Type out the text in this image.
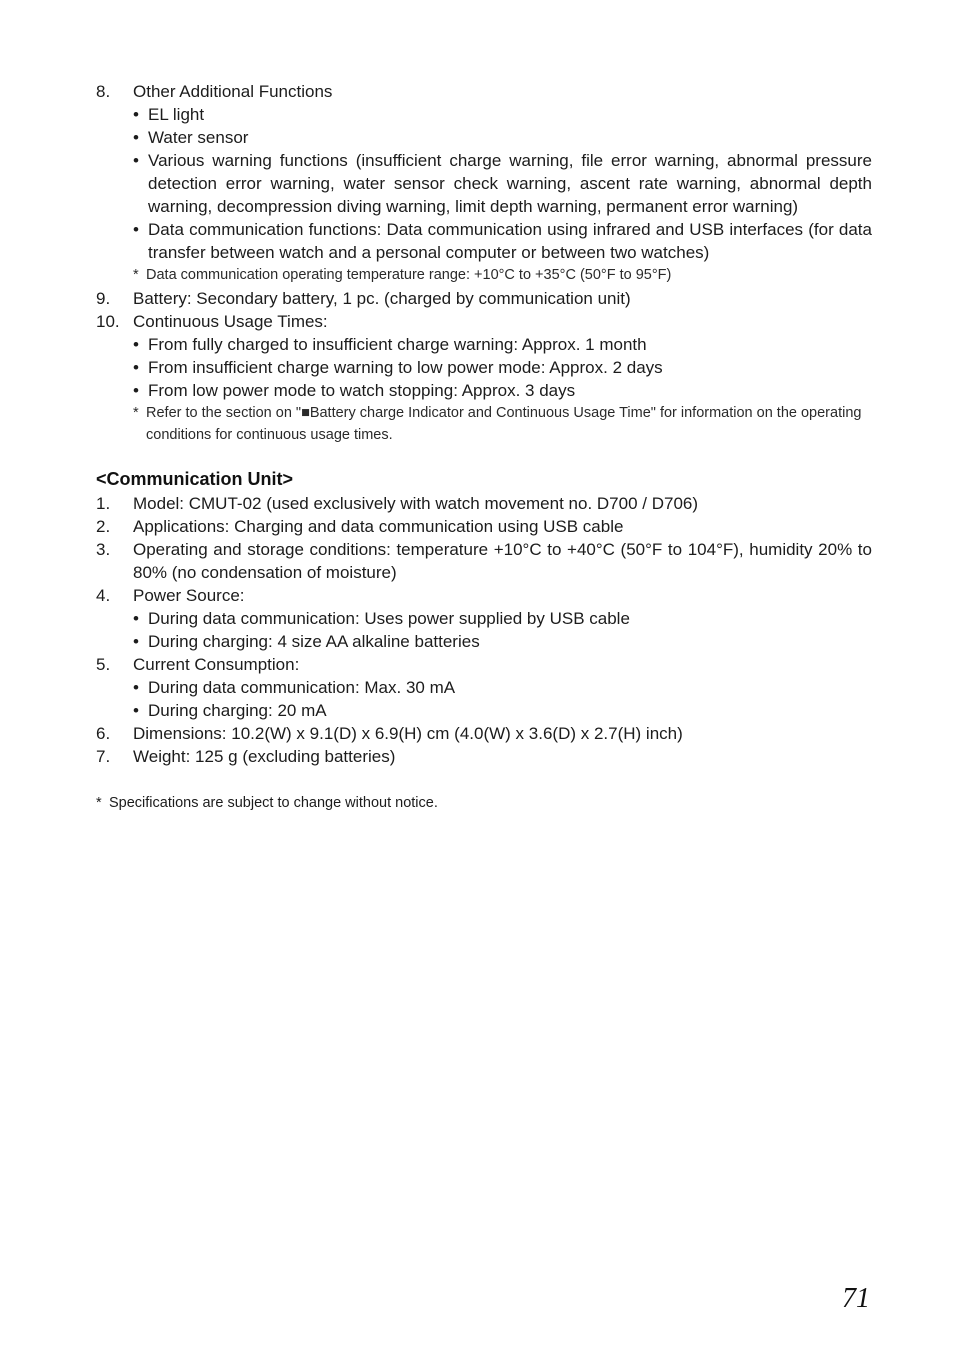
8.	Other Additional Functions
• EL light
• Water sensor
• Various warning functions (insufficient charge warning, file error warning, abnormal pressure detection error warning, water sensor check warning, ascent rate warning, abnormal depth warning, decompression diving warning, limit depth warning, permanent error warning)
• Data communication functions: Data communication using infrared and USB interfaces (for data transfer between watch and a personal computer or between two watches)
* Data communication operating temperature range: +10°C to +35°C (50°F to 95°F)
9.	Battery: Secondary battery, 1 pc. (charged by communication unit)
10. Continuous Usage Times:
• From fully charged to insufficient charge warning: Approx. 1 month
• From insufficient charge warning to low power mode: Approx. 2 days
• From low power mode to watch stopping: Approx. 3 days
* Refer to the section on "■Battery charge Indicator and Continuous Usage Time" for information on the operating conditions for continuous usage times.
<Communication Unit>
1.	Model: CMUT-02 (used exclusively with watch movement no. D700 / D706)
2.	Applications: Charging and data communication using USB cable
3.	Operating and storage conditions: temperature +10°C to +40°C (50°F to 104°F), humidity 20% to 80% (no condensation of moisture)
4.	Power Source:
• During data communication: Uses power supplied by USB cable
• During charging: 4 size AA alkaline batteries
5.	Current Consumption:
• During data communication: Max. 30 mA
• During charging: 20 mA
6.	Dimensions: 10.2(W) x 9.1(D) x 6.9(H) cm (4.0(W) x 3.6(D) x 2.7(H) inch)
7.	Weight: 125 g (excluding batteries)
* Specifications are subject to change without notice.
71
